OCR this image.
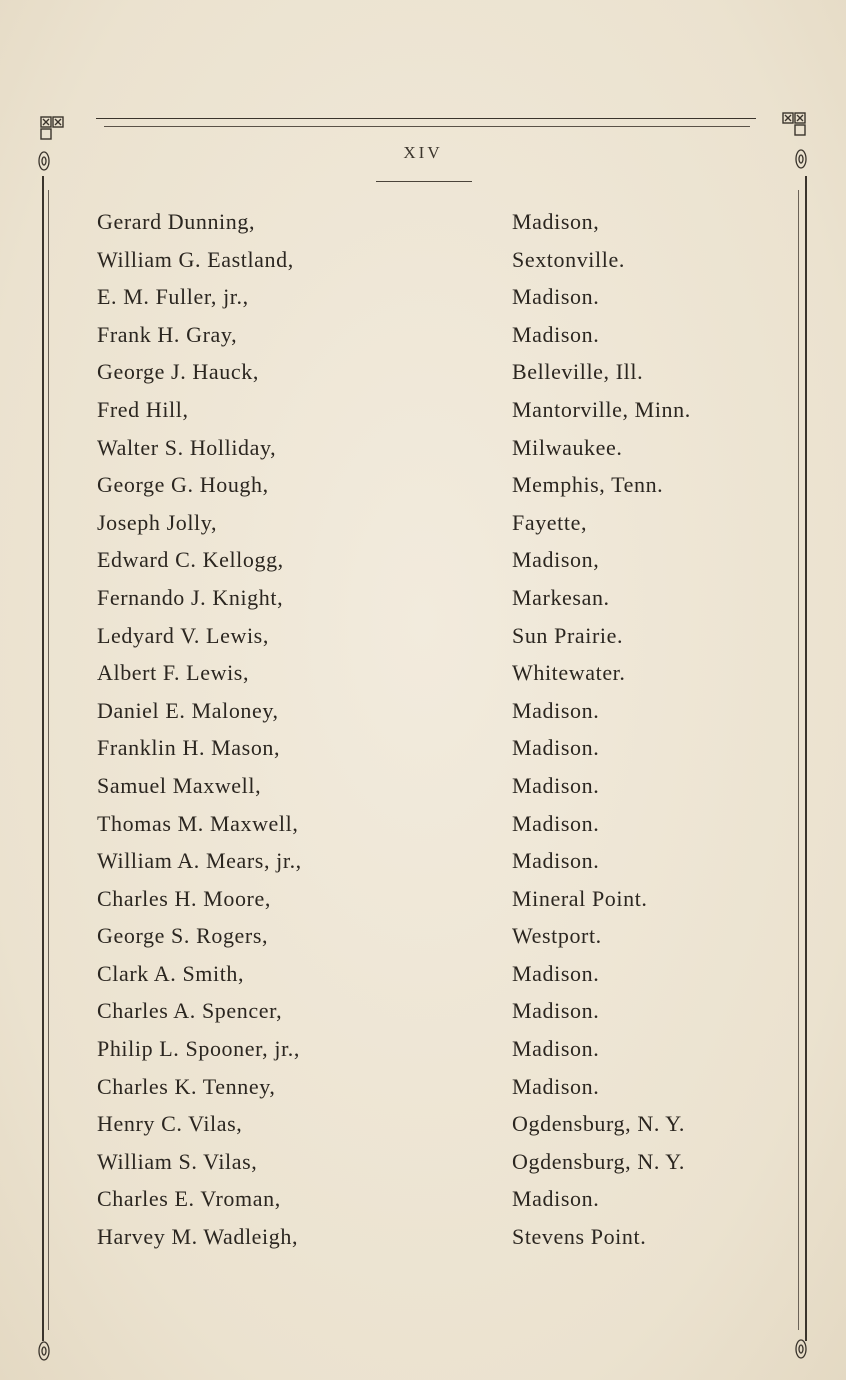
XIV
Gerard Dunning,	Madison,
William G. Eastland,	Sextonville.
E. M. Fuller, jr.,	Madison.
Frank H. Gray,	Madison.
George J. Hauck,	Belleville, Ill.
Fred Hill,	Mantorville, Minn.
Walter S. Holliday,	Milwaukee.
George G. Hough,	Memphis, Tenn.
Joseph Jolly,	Fayette,
Edward C. Kellogg,	Madison,
Fernando J. Knight,	Markesan.
Ledyard V. Lewis,	Sun Prairie.
Albert F. Lewis,	Whitewater.
Daniel E. Maloney,	Madison.
Franklin H. Mason,	Madison.
Samuel Maxwell,	Madison.
Thomas M. Maxwell,	Madison.
William A. Mears, jr.,	Madison.
Charles H. Moore,	Mineral Point.
George S. Rogers,	Westport.
Clark A. Smith,	Madison.
Charles A. Spencer,	Madison.
Philip L. Spooner, jr.,	Madison.
Charles K. Tenney,	Madison.
Henry C. Vilas,	Ogdensburg, N. Y.
William S. Vilas,	Ogdensburg, N. Y.
Charles E. Vroman,	Madison.
Harvey M. Wadleigh,	Stevens Point.
